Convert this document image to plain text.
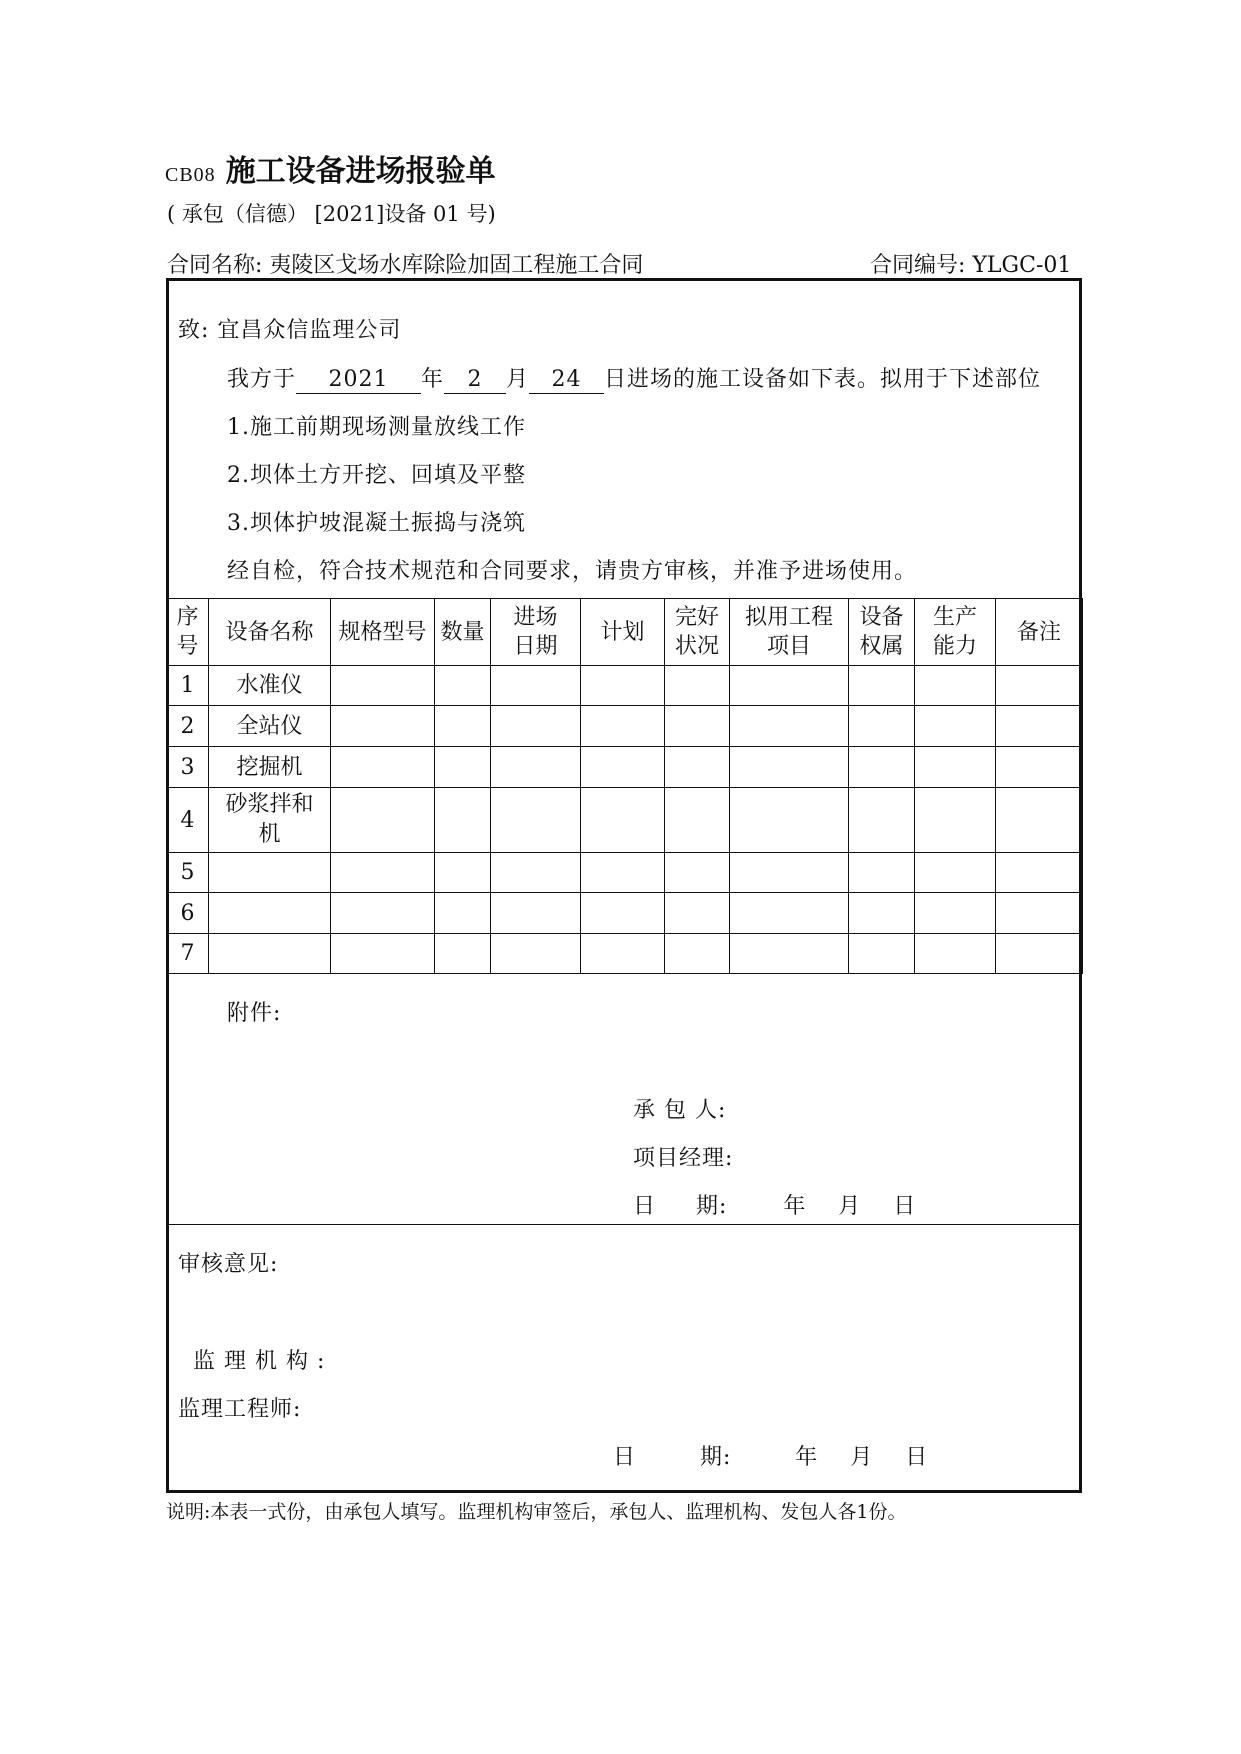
CB08 施工设备进场报验单
( 承包（信德） [2021]设备 01 号)
合同名称: 夷陵区戈场水库除险加固工程施工合同	合同编号: YLGC-01
致: 宜昌众信监理公司
我方于 2021 年 2 月 24 日进场的施工设备如下表。拟用于下述部位
1.施工前期现场测量放线工作
2.坝体土方开挖、回填及平整
3.坝体护坡混凝土振捣与浇筑
经自检，符合技术规范和合同要求，请贵方审核，并准予进场使用。
序号	设备名称	规格型号	数量	进场日期	计划	完好状况	拟用工程项目	设备权属	生产能力	备注
1	水准仪									
2	全站仪									
3	挖掘机									
4	砂浆拌和机									
5										
6										
7										
附件:
承 包 人:
项目经理:
日     期:       年    月    日
审核意见:
监 理 机 构 :
监理工程师:
日        期:        年    月    日
说明:本表一式份，由承包人填写。监理机构审签后，承包人、监理机构、发包人各1份。
